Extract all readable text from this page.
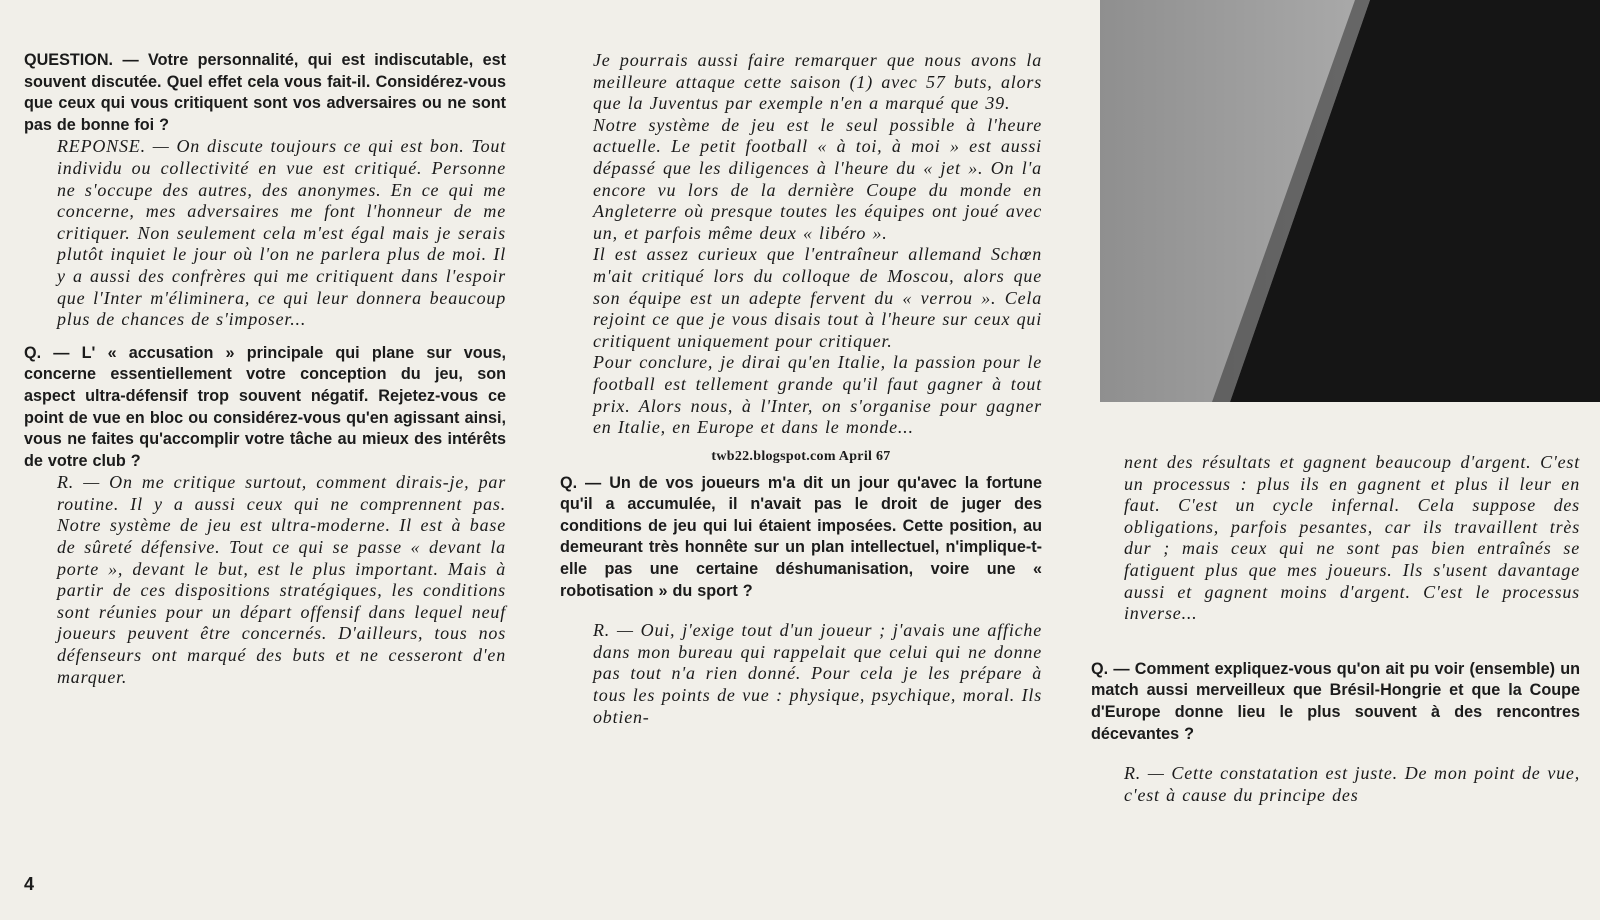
QUESTION. — Votre personnalité, qui est indiscutable, est souvent discutée. Quel effet cela vous fait-il. Considérez-vous que ceux qui vous critiquent sont vos adversaires ou ne sont pas de bonne foi ?

REPONSE. — On discute toujours ce qui est bon. Tout individu ou collectivité en vue est critiqué. Personne ne s'occupe des autres, des anonymes. En ce qui me concerne, mes adversaires me font l'honneur de me critiquer. Non seulement cela m'est égal mais je serais plutôt inquiet le jour où l'on ne parlera plus de moi. Il y a aussi des confrères qui me critiquent dans l'espoir que l'Inter m'éliminera, ce qui leur donnera beaucoup plus de chances de s'imposer...

Q. — L' « accusation » principale qui plane sur vous, concerne essentiellement votre conception du jeu, son aspect ultra-défensif trop souvent négatif. Rejetez-vous ce point de vue en bloc ou considérez-vous qu'en agissant ainsi, vous ne faites qu'accomplir votre tâche au mieux des intérêts de votre club ?

R. — On me critique surtout, comment dirais-je, par routine. Il y a aussi ceux qui ne comprennent pas. Notre système de jeu est ultra-moderne. Il est à base de sûreté défensive. Tout ce qui se passe « devant la porte », devant le but, est le plus important. Mais à partir de ces dispositions stratégiques, les conditions sont réunies pour un départ offensif dans lequel neuf joueurs peuvent être concernés. D'ailleurs, tous nos défenseurs ont marqué des buts et ne cesseront d'en marquer.

Je pourrais aussi faire remarquer que nous avons la meilleure attaque cette saison (1) avec 57 buts, alors que la Juventus par exemple n'en a marqué que 39.

Notre système de jeu est le seul possible à l'heure actuelle. Le petit football « à toi, à moi » est aussi dépassé que les diligences à l'heure du « jet ». On l'a encore vu lors de la dernière Coupe du monde en Angleterre où presque toutes les équipes ont joué avec un, et parfois même deux « libéro ».

Il est assez curieux que l'entraîneur allemand Schœn m'ait critiqué lors du colloque de Moscou, alors que son équipe est un adepte fervent du « verrou ». Cela rejoint ce que je vous disais tout à l'heure sur ceux qui critiquent uniquement pour critiquer.

Pour conclure, je dirai qu'en Italie, la passion pour le football est tellement grande qu'il faut gagner à tout prix. Alors nous, à l'Inter, on s'organise pour gagner en Italie, en Europe et dans le monde...

twb22.blogspot.com April 67

Q. — Un de vos joueurs m'a dit un jour qu'avec la fortune qu'il a accumulée, il n'avait pas le droit de juger des conditions de jeu qui lui étaient imposées. Cette position, au demeurant très honnête sur un plan intellectuel, n'implique-t-elle pas une certaine déshumanisation, voire une « robotisation » du sport ?

R. — Oui, j'exige tout d'un joueur ; j'avais une affiche dans mon bureau qui rappelait que celui qui ne donne pas tout n'a rien donné. Pour cela je les prépare à tous les points de vue : physique, psychique, moral. Ils obtien-

nent des résultats et gagnent beaucoup d'argent. C'est un processus : plus ils en gagnent et plus il leur en faut. C'est un cycle infernal. Cela suppose des obligations, parfois pesantes, car ils travaillent très dur ; mais ceux qui ne sont pas bien entraînés se fatiguent plus que mes joueurs. Ils s'usent davantage aussi et gagnent moins d'argent. C'est le processus inverse...

Q. — Comment expliquez-vous qu'on ait pu voir (ensemble) un match aussi merveilleux que Brésil-Hongrie et que la Coupe d'Europe donne lieu le plus souvent à des rencontres décevantes ?

R. — Cette constatation est juste. De mon point de vue, c'est à cause du principe des

4
